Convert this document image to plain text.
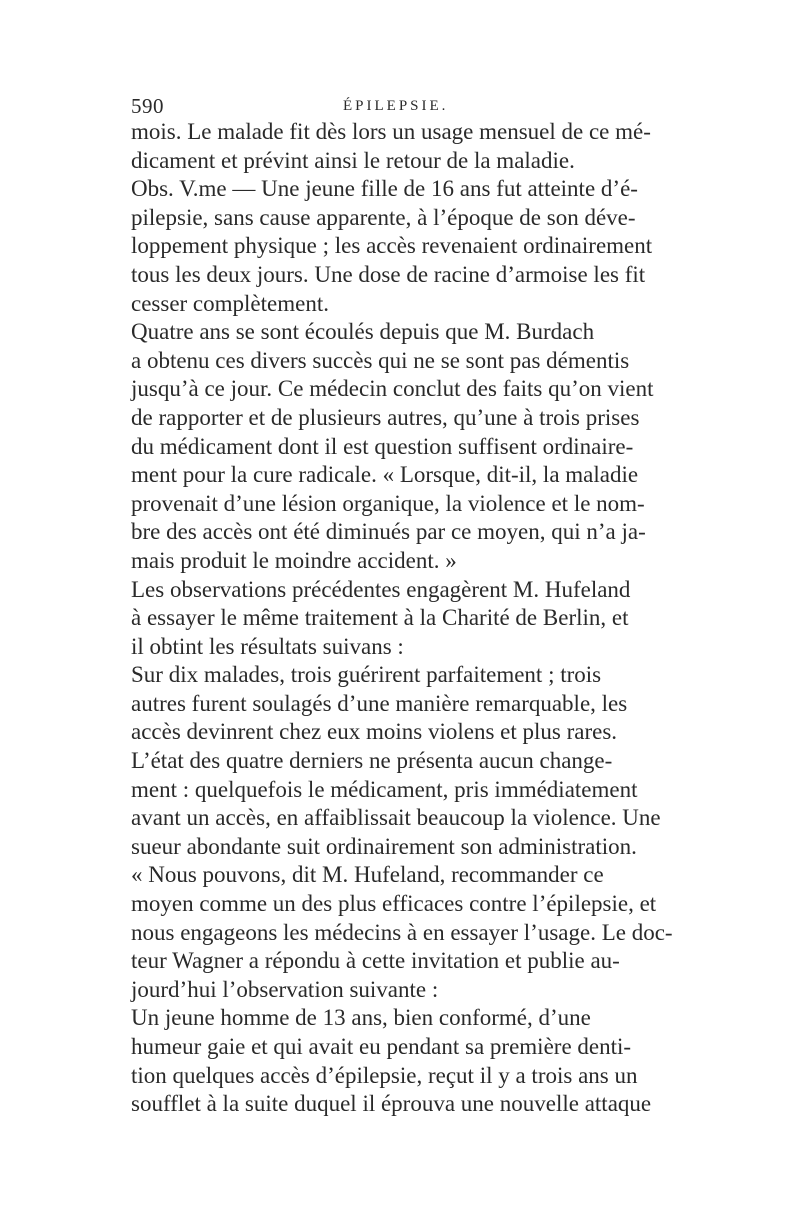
590	ÉPILEPSIE.
mois. Le malade fit dès lors un usage mensuel de ce mé-
dicament et prévint ainsi le retour de la maladie.
Obs. V.me — Une jeune fille de 16 ans fut atteinte d’é-
pilepsie, sans cause apparente, à l’époque de son déve-
loppement physique ; les accès revenaient ordinairement
tous les deux jours. Une dose de racine d’armoise les fit
cesser complètement.
Quatre ans se sont écoulés depuis que M. Burdach
a obtenu ces divers succès qui ne se sont pas démentis
jusqu’à ce jour. Ce médecin conclut des faits qu’on vient
de rapporter et de plusieurs autres, qu’une à trois prises
du médicament dont il est question suffisent ordinaire-
ment pour la cure radicale. « Lorsque, dit-il, la maladie
provenait d’une lésion organique, la violence et le nom-
bre des accès ont été diminués par ce moyen, qui n’a ja-
mais produit le moindre accident. »
Les observations précédentes engagèrent M. Hufeland
à essayer le même traitement à la Charité de Berlin, et
il obtint les résultats suivans :
Sur dix malades, trois guérirent parfaitement ; trois
autres furent soulagés d’une manière remarquable, les
accès devinrent chez eux moins violens et plus rares.
L’état des quatre derniers ne présenta aucun change-
ment : quelquefois le médicament, pris immédiatement
avant un accès, en affaiblissait beaucoup la violence. Une
sueur abondante suit ordinairement son administration.
« Nous pouvons, dit M. Hufeland, recommander ce
moyen comme un des plus efficaces contre l’épilepsie, et
nous engageons les médecins à en essayer l’usage. Le doc-
teur Wagner a répondu à cette invitation et publie au-
jourd’hui l’observation suivante :
Un jeune homme de 13 ans, bien conformé, d’une
humeur gaie et qui avait eu pendant sa première denti-
tion quelques accès d’épilepsie, reçut il y a trois ans un
soufflet à la suite duquel il éprouva une nouvelle attaque
